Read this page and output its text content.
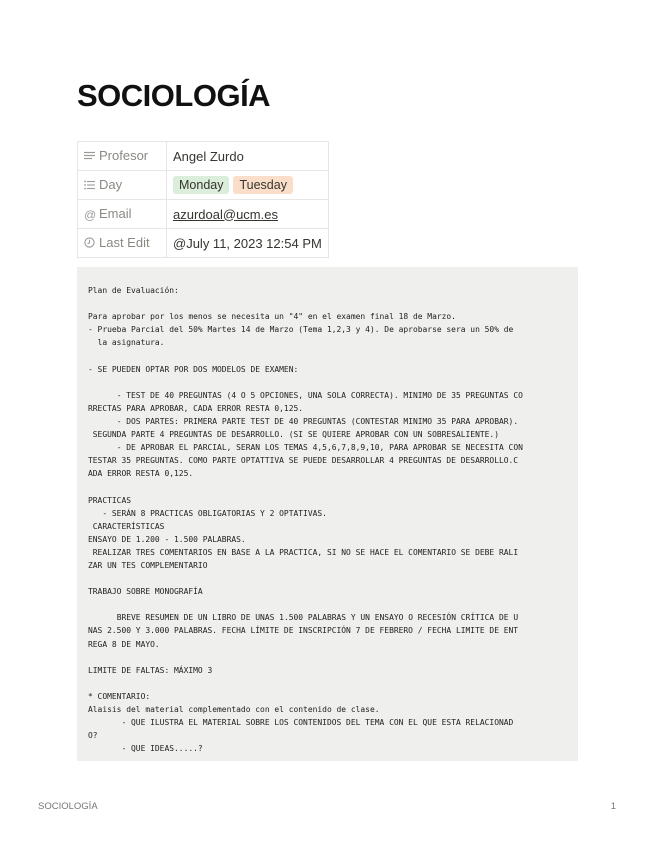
SOCIOLOGÍA
Profesor	Angel Zurdo
Day	Monday Tuesday
@ Email	azurdoal@ucm.es
Last Edit	@July 11, 2023 12:54 PM
Plan de Evaluación:

Para aprobar por los menos se necesita un "4" en el examen final 18 de Marzo.
- Prueba Parcial del 50% Martes 14 de Marzo (Tema 1,2,3 y 4). De aprobarse sera un 50% de
la asignatura.

- SE PUEDEN OPTAR POR DOS MODELOS DE EXAMEN:

- TEST DE 40 PREGUNTAS (4 O 5 OPCIONES, UNA SOLA CORRECTA). MINIMO DE 35 PREGUNTAS CO
RRECTAS PARA APROBAR, CADA ERROR RESTA 0,125.
- DOS PARTES: PRIMERA PARTE TEST DE 40 PREGUNTAS (CONTESTAR MINIMO 35 PARA APROBAR).
SEGUNDA PARTE 4 PREGUNTAS DE DESARROLLO. (SI SE QUIERE APROBAR CON UN SOBRESALIENTE.)
- DE APROBAR EL PARCIAL, SERAN LOS TEMAS 4,5,6,7,8,9,10, PARA APROBAR SE NECESITA CON
TESTAR 35 PREGUNTAS. COMO PARTE OPTATTIVA SE PUEDE DESARROLLAR 4 PREGUNTAS DE DESARROLLO.C
ADA ERROR RESTA 0,125.

PRACTICAS
- SERÁN 8 PRACTICAS OBLIGATORIAS Y 2 OPTATIVAS.
CARACTERÍSTICAS
ENSAYO DE 1.200 - 1.500 PALABRAS.
REALIZAR TRES COMENTARIOS EN BASE A LA PRACTICA, SI NO SE HACE EL COMENTARIO SE DEBE RALI
ZAR UN TES COMPLEMENTARIO

TRABAJO SOBRE MONOGRAFÍA

BREVE RESUMEN DE UN LIBRO DE UNAS 1.500 PALABRAS Y UN ENSAYO O RECESIÓN CRÍTICA DE U
NAS 2.500 Y 3.000 PALABRAS. FECHA LÍMITE DE INSCRIPCIÓN 7 DE FEBRERO / FECHA LIMITE DE ENT
REGA 8 DE MAYO.

LIMITE DE FALTAS: MÁXIMO 3

* COMENTARIO:
Alaisis del material complementado con el contenido de clase.
- QUE ILUSTRA EL MATERIAL SOBRE LOS CONTENIDOS DEL TEMA CON EL QUE ESTA RELACIONAD
O?
- QUE IDEAS.....?
SOCIOLOGÍA	1
